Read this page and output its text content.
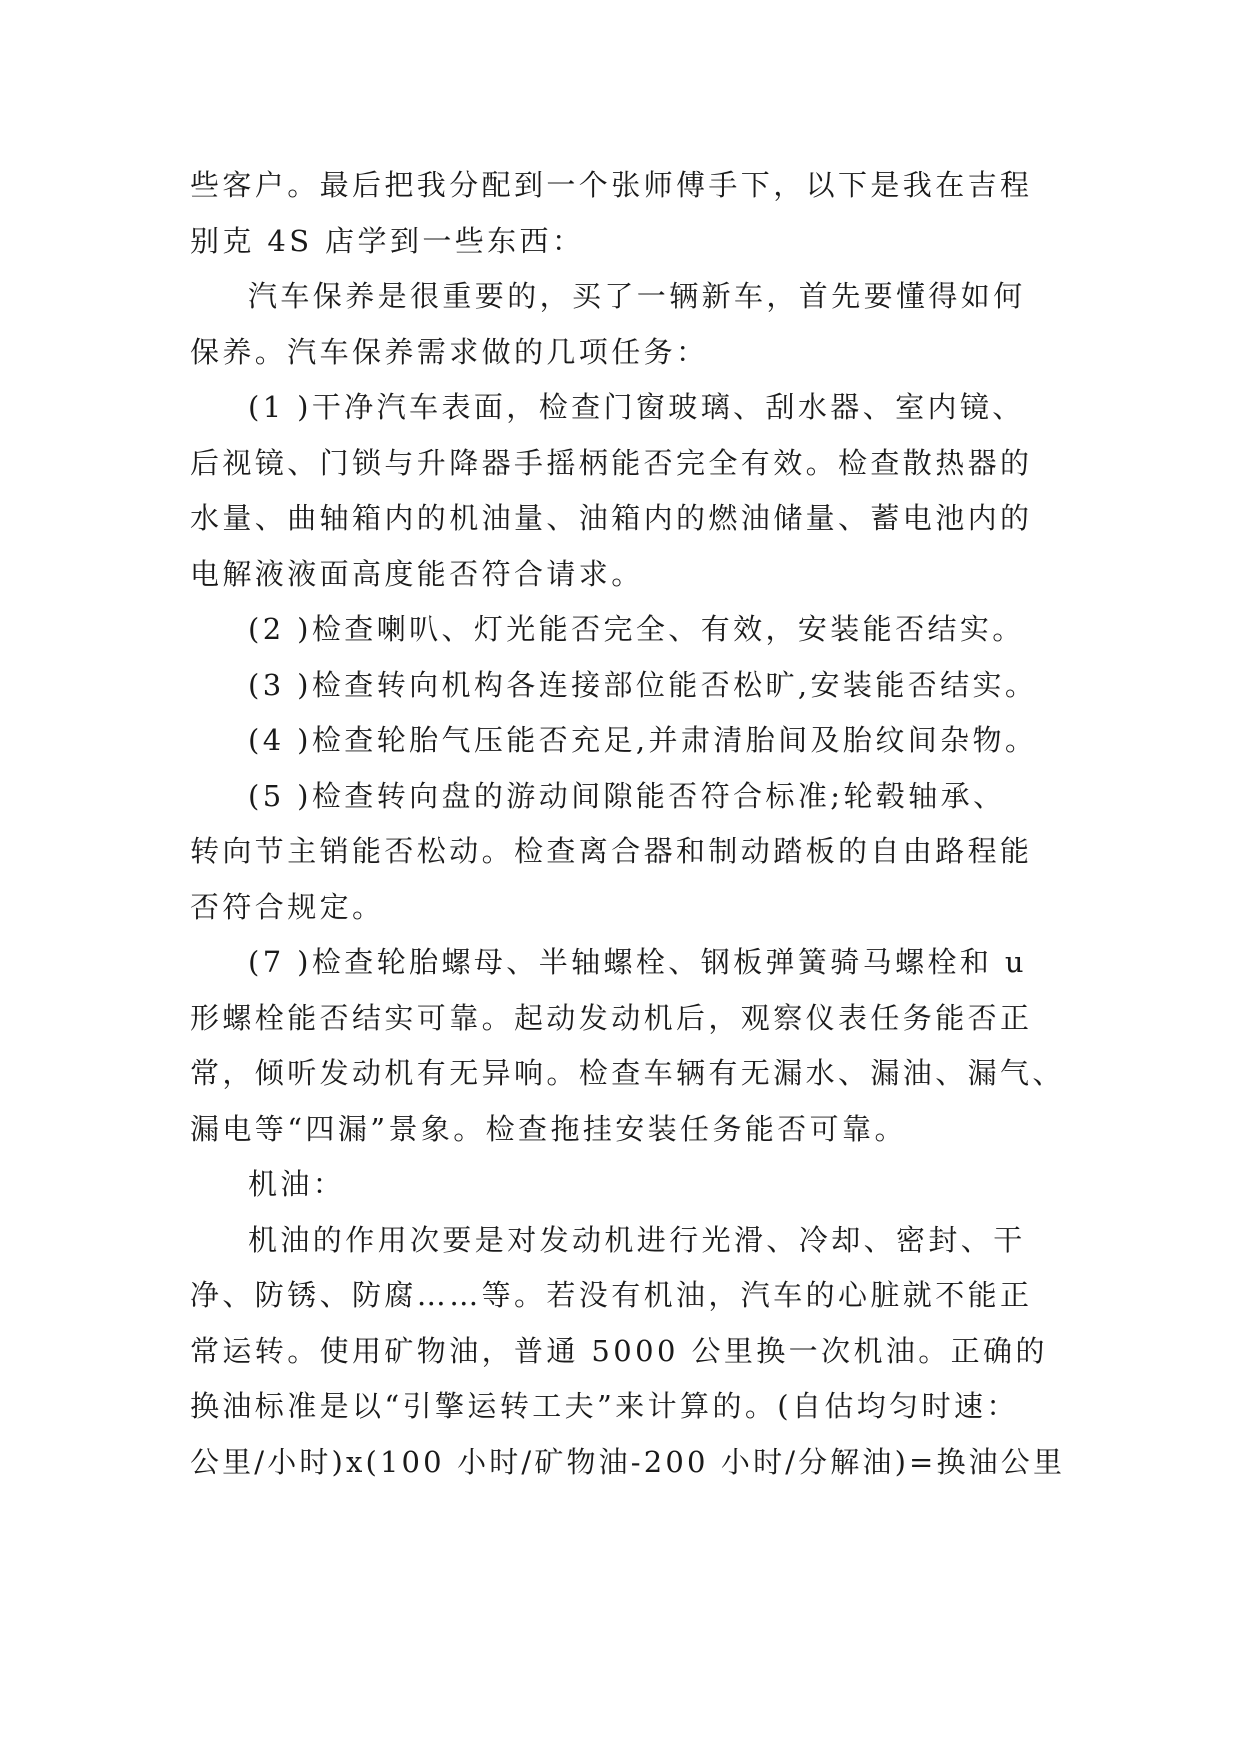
些客户。最后把我分配到一个张师傅手下，以下是我在吉程
别克 4S 店学到一些东西：
汽车保养是很重要的，买了一辆新车，首先要懂得如何
保养。汽车保养需求做的几项任务：
(1 )干净汽车表面，检查门窗玻璃、刮水器、室内镜、
后视镜、门锁与升降器手摇柄能否完全有效。检查散热器的
水量、曲轴箱内的机油量、油箱内的燃油储量、蓄电池内的
电解液液面高度能否符合请求。
(2 )检查喇叭、灯光能否完全、有效，安装能否结实。
(3 )检查转向机构各连接部位能否松旷,安装能否结实。
(4 )检查轮胎气压能否充足,并肃清胎间及胎纹间杂物。
(5 )检查转向盘的游动间隙能否符合标准;轮毂轴承、
转向节主销能否松动。检查离合器和制动踏板的自由路程能
否符合规定。
(7 )检查轮胎螺母、半轴螺栓、钢板弹簧骑马螺栓和 u
形螺栓能否结实可靠。起动发动机后，观察仪表任务能否正
常，倾听发动机有无异响。检查车辆有无漏水、漏油、漏气、
漏电等“四漏”景象。检查拖挂安装任务能否可靠。
机油：
机油的作用次要是对发动机进行光滑、冷却、密封、干
净、防锈、防腐……等。若没有机油，汽车的心脏就不能正
常运转。使用矿物油，普通 5000 公里换一次机油。正确的
换油标准是以“引擎运转工夫”来计算的。(自估均匀时速：
公里/小时)x(100 小时/矿物油-200 小时/分解油)=换油公里
